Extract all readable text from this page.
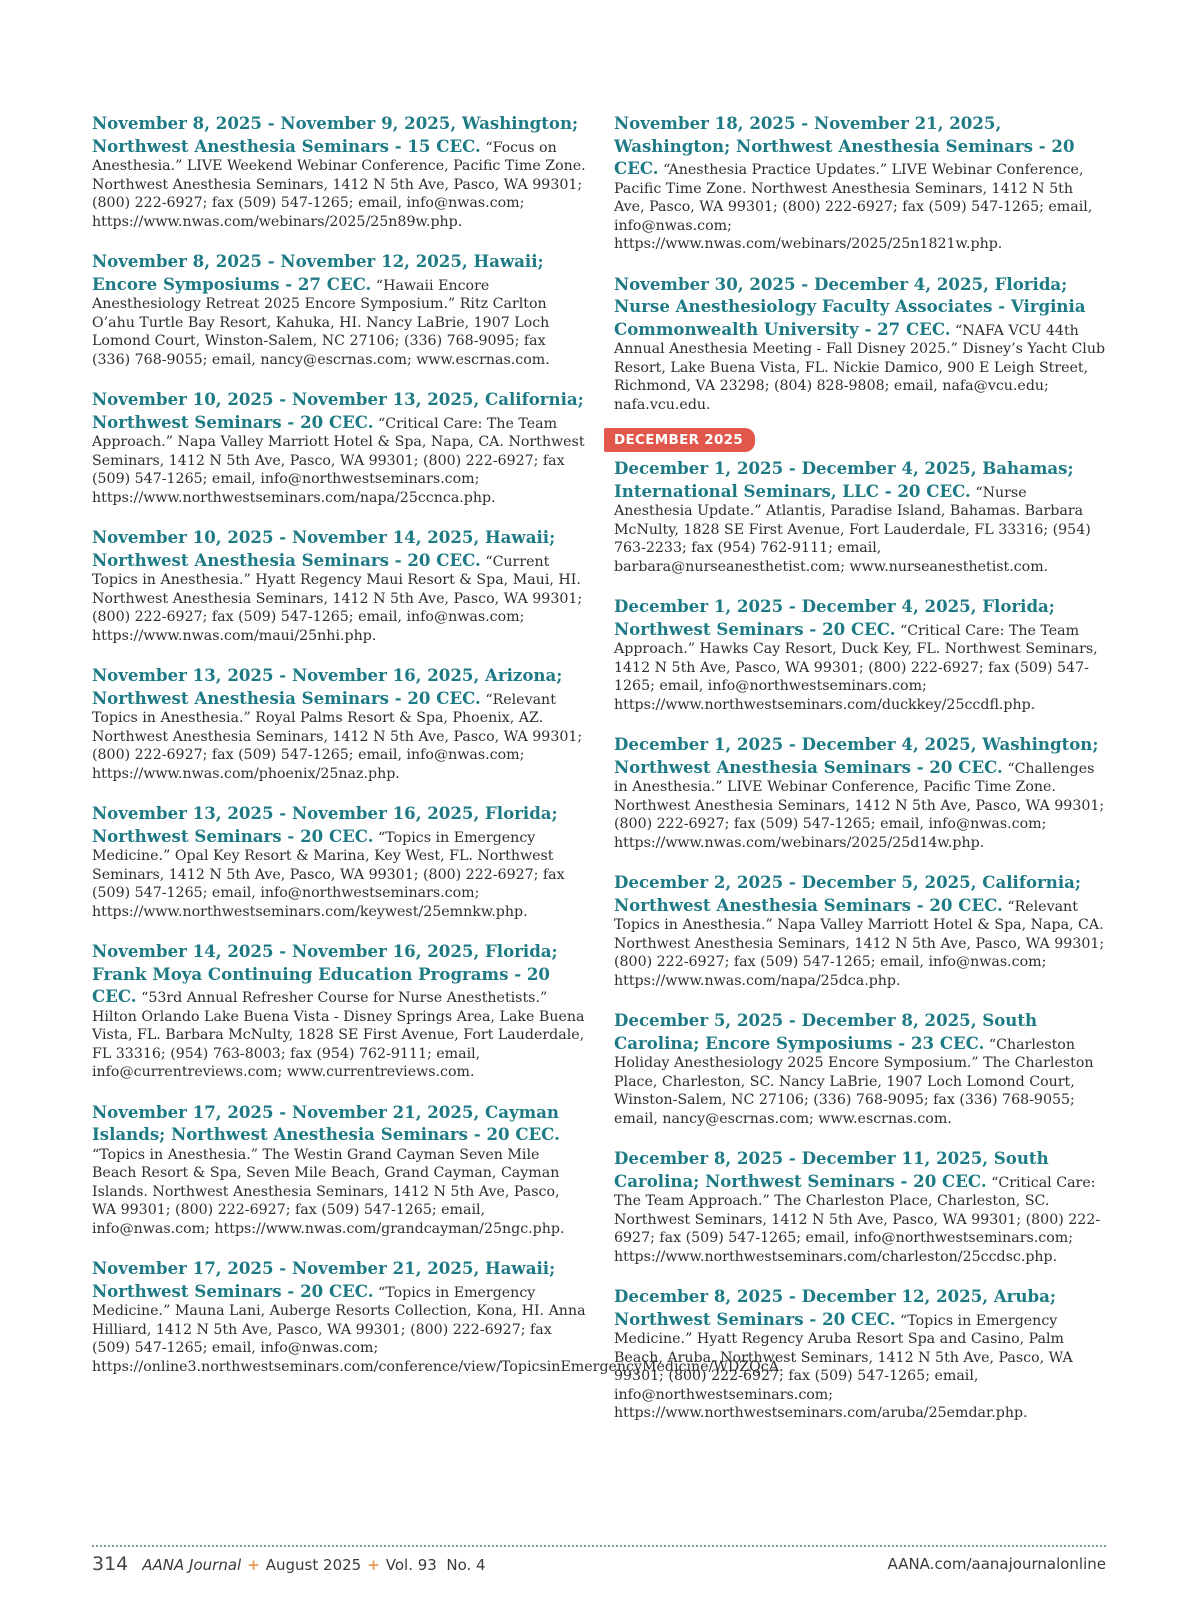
November 8, 2025 - November 9, 2025, Washington; Northwest Anesthesia Seminars - 15 CEC. “Focus on Anesthesia.” LIVE Weekend Webinar Conference, Pacific Time Zone. Northwest Anesthesia Seminars, 1412 N 5th Ave, Pasco, WA 99301; (800) 222-6927; fax (509) 547-1265; email, info@nwas.com; https://www.nwas.com/webinars/2025/25n89w.php.

November 8, 2025 - November 12, 2025, Hawaii; Encore Symposiums - 27 CEC. “Hawaii Encore Anesthesiology Retreat 2025 Encore Symposium.” Ritz Carlton O’ahu Turtle Bay Resort, Kahuka, HI. Nancy LaBrie, 1907 Loch Lomond Court, Winston-Salem, NC 27106; (336) 768-9095; fax (336) 768-9055; email, nancy@escrnas.com; www.escrnas.com.

November 10, 2025 - November 13, 2025, California; Northwest Seminars - 20 CEC. “Critical Care: The Team Approach.” Napa Valley Marriott Hotel & Spa, Napa, CA. Northwest Seminars, 1412 N 5th Ave, Pasco, WA 99301; (800) 222-6927; fax (509) 547-1265; email, info@northwestseminars.com; https://www.northwestseminars.com/napa/25ccnca.php.

November 10, 2025 - November 14, 2025, Hawaii; Northwest Anesthesia Seminars - 20 CEC. “Current Topics in Anesthesia.” Hyatt Regency Maui Resort & Spa, Maui, HI. Northwest Anesthesia Seminars, 1412 N 5th Ave, Pasco, WA 99301; (800) 222-6927; fax (509) 547-1265; email, info@nwas.com; https://www.nwas.com/maui/25nhi.php.

November 13, 2025 - November 16, 2025, Arizona; Northwest Anesthesia Seminars - 20 CEC. “Relevant Topics in Anesthesia.” Royal Palms Resort & Spa, Phoenix, AZ. Northwest Anesthesia Seminars, 1412 N 5th Ave, Pasco, WA 99301; (800) 222-6927; fax (509) 547-1265; email, info@nwas.com; https://www.nwas.com/phoenix/25naz.php.

November 13, 2025 - November 16, 2025, Florida; Northwest Seminars - 20 CEC. “Topics in Emergency Medicine.” Opal Key Resort & Marina, Key West, FL. Northwest Seminars, 1412 N 5th Ave, Pasco, WA 99301; (800) 222-6927; fax (509) 547-1265; email, info@northwestseminars.com; https://www.northwestseminars.com/keywest/25emnkw.php.

November 14, 2025 - November 16, 2025, Florida; Frank Moya Continuing Education Programs - 20 CEC. “53rd Annual Refresher Course for Nurse Anesthetists.” Hilton Orlando Lake Buena Vista - Disney Springs Area, Lake Buena Vista, FL. Barbara McNulty, 1828 SE First Avenue, Fort Lauderdale, FL 33316; (954) 763-8003; fax (954) 762-9111; email, info@currentreviews.com; www.currentreviews.com.

November 17, 2025 - November 21, 2025, Cayman Islands; Northwest Anesthesia Seminars - 20 CEC. “Topics in Anesthesia.” The Westin Grand Cayman Seven Mile Beach Resort & Spa, Seven Mile Beach, Grand Cayman, Cayman Islands. Northwest Anesthesia Seminars, 1412 N 5th Ave, Pasco, WA 99301; (800) 222-6927; fax (509) 547-1265; email, info@nwas.com; https://www.nwas.com/grandcayman/25ngc.php.

November 17, 2025 - November 21, 2025, Hawaii; Northwest Seminars - 20 CEC. “Topics in Emergency Medicine.” Mauna Lani, Auberge Resorts Collection, Kona, HI. Anna Hilliard, 1412 N 5th Ave, Pasco, WA 99301; (800) 222-6927; fax (509) 547-1265; email, info@nwas.com; https://online3.northwestseminars.com/conference/view/TopicsinEmergencyMedicine/WDZQcA.

November 18, 2025 - November 21, 2025, Washington; Northwest Anesthesia Seminars - 20 CEC. “Anesthesia Practice Updates.” LIVE Webinar Conference, Pacific Time Zone. Northwest Anesthesia Seminars, 1412 N 5th Ave, Pasco, WA 99301; (800) 222-6927; fax (509) 547-1265; email, info@nwas.com; https://www.nwas.com/webinars/2025/25n1821w.php.

November 30, 2025 - December 4, 2025, Florida; Nurse Anesthesiology Faculty Associates - Virginia Commonwealth University - 27 CEC. “NAFA VCU 44th Annual Anesthesia Meeting - Fall Disney 2025.” Disney’s Yacht Club Resort, Lake Buena Vista, FL. Nickie Damico, 900 E Leigh Street, Richmond, VA 23298; (804) 828-9808; email, nafa@vcu.edu; nafa.vcu.edu.

DECEMBER 2025

December 1, 2025 - December 4, 2025, Bahamas; International Seminars, LLC - 20 CEC. “Nurse Anesthesia Update.” Atlantis, Paradise Island, Bahamas. Barbara McNulty, 1828 SE First Avenue, Fort Lauderdale, FL 33316; (954) 763-2233; fax (954) 762-9111; email, barbara@nurseanesthetist.com; www.nurseanesthetist.com.

December 1, 2025 - December 4, 2025, Florida; Northwest Seminars - 20 CEC. “Critical Care: The Team Approach.” Hawks Cay Resort, Duck Key, FL. Northwest Seminars, 1412 N 5th Ave, Pasco, WA 99301; (800) 222-6927; fax (509) 547-1265; email, info@northwestseminars.com; https://www.northwestseminars.com/duckkey/25ccdfl.php.

December 1, 2025 - December 4, 2025, Washington; Northwest Anesthesia Seminars - 20 CEC. “Challenges in Anesthesia.” LIVE Webinar Conference, Pacific Time Zone. Northwest Anesthesia Seminars, 1412 N 5th Ave, Pasco, WA 99301; (800) 222-6927; fax (509) 547-1265; email, info@nwas.com; https://www.nwas.com/webinars/2025/25d14w.php.

December 2, 2025 - December 5, 2025, California; Northwest Anesthesia Seminars - 20 CEC. “Relevant Topics in Anesthesia.” Napa Valley Marriott Hotel & Spa, Napa, CA. Northwest Anesthesia Seminars, 1412 N 5th Ave, Pasco, WA 99301; (800) 222-6927; fax (509) 547-1265; email, info@nwas.com; https://www.nwas.com/napa/25dca.php.

December 5, 2025 - December 8, 2025, South Carolina; Encore Symposiums - 23 CEC. “Charleston Holiday Anesthesiology 2025 Encore Symposium.” The Charleston Place, Charleston, SC. Nancy LaBrie, 1907 Loch Lomond Court, Winston-Salem, NC 27106; (336) 768-9095; fax (336) 768-9055; email, nancy@escrnas.com; www.escrnas.com.

December 8, 2025 - December 11, 2025, South Carolina; Northwest Seminars - 20 CEC. “Critical Care: The Team Approach.” The Charleston Place, Charleston, SC. Northwest Seminars, 1412 N 5th Ave, Pasco, WA 99301; (800) 222-6927; fax (509) 547-1265; email, info@northwestseminars.com; https://www.northwestseminars.com/charleston/25ccdsc.php.

December 8, 2025 - December 12, 2025, Aruba; Northwest Seminars - 20 CEC. “Topics in Emergency Medicine.” Hyatt Regency Aruba Resort Spa and Casino, Palm Beach, Aruba. Northwest Seminars, 1412 N 5th Ave, Pasco, WA 99301; (800) 222-6927; fax (509) 547-1265; email, info@northwestseminars.com; https://www.northwestseminars.com/aruba/25emdar.php.

314 AANA Journal + August 2025 + Vol. 93  No. 4	AANA.com/aanajournalonline
